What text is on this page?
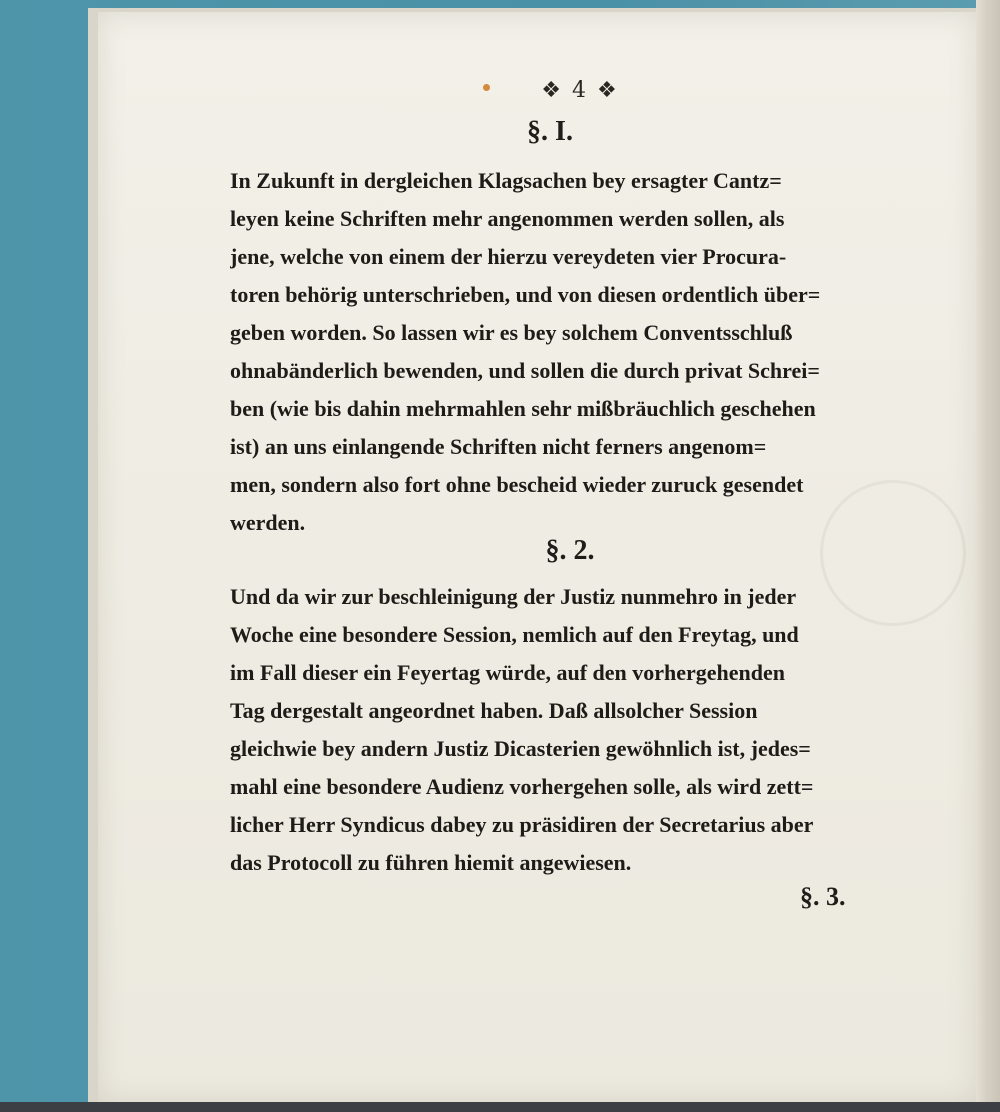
❖ 4 ❖
§. I.
In Zukunft in dergleichen Klagsachen bey ersagter Cantz=
leyen keine Schriften mehr angenommen werden sollen, als
jene, welche von einem der hierzu vereydeten vier Procura-
toren behörig unterschrieben, und von diesen ordentlich über=
geben worden. So lassen wir es bey solchem Conventsschluß
ohnabänderlich bewenden, und sollen die durch privat Schrei=
ben (wie bis dahin mehrmahlen sehr mißbräuchlich geschehen
ist) an uns einlangende Schriften nicht ferners angenom=
men, sondern also fort ohne bescheid wieder zuruck gesendet
werden.
§. 2.
Und da wir zur beschleinigung der Justiz nunmehro in jeder
Woche eine besondere Session, nemlich auf den Freytag, und
im Fall dieser ein Feyertag würde, auf den vorhergehenden
Tag dergestalt angeordnet haben. Daß allsolcher Session
gleichwie bey andern Justiz Dicasterien gewöhnlich ist, jedes=
mahl eine besondere Audienz vorhergehen solle, als wird zett=
licher Herr Syndicus dabey zu präsidiren der Secretarius aber
das Protocoll zu führen hiemit angewiesen.
§. 3.
